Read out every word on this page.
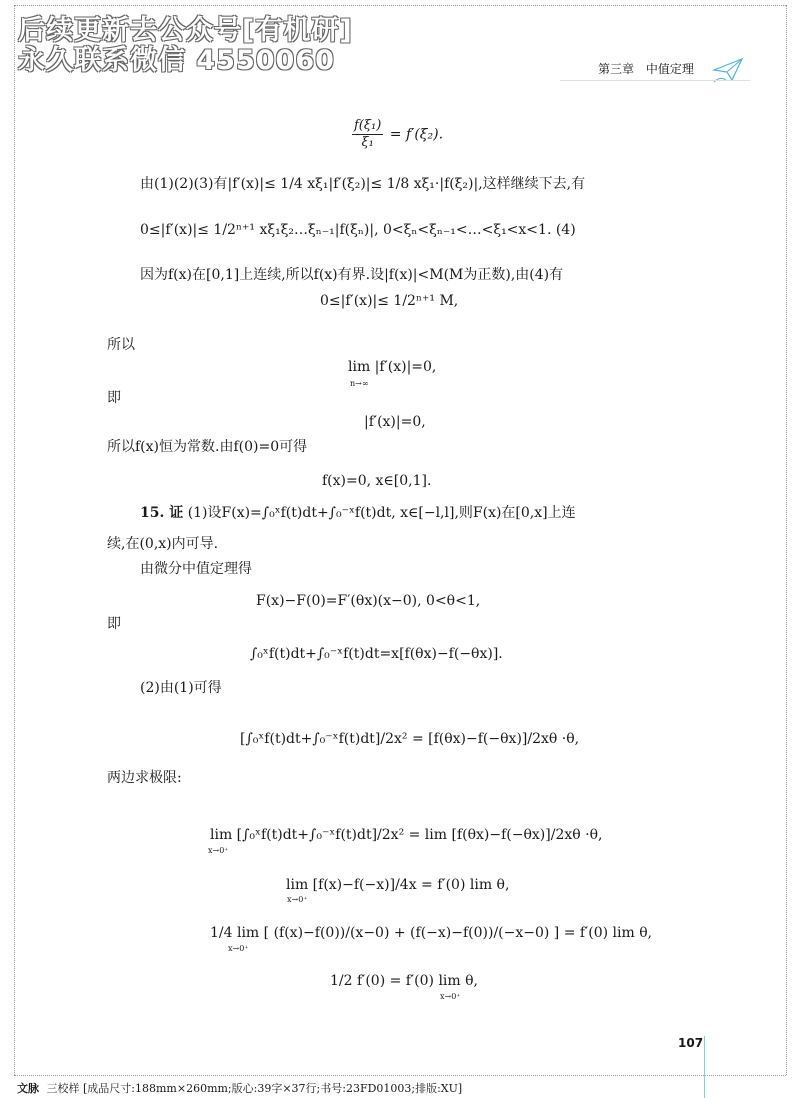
后续更新去公众号[有机研]
永久联系微信 4550060	第三章 中值定理
$\frac{\text{f(ξ₁)}}{\text{ξ₁}} = f'(\xi_2)$.
由(1)(2)(3)有|f′(x)|≤ 1/4 xξ₁|f′(ξ₂)|≤ 1/8 xξ₁·|f(ξ₂)|,这样继续下去,有
0≤|f′(x)|≤ 1/2ⁿ⁺¹ xξ₁ξ₂…ξₙ₋₁|f(ξₙ)|, 0<ξₙ<ξₙ₋₁<…<ξ₁<x<1. (4)
因为f(x)在[0,1]上连续,所以f(x)有界.设|f(x)|<M(M为正数),由(4)有
0≤|f′(x)|≤ 1/2ⁿ⁺¹ M,
所以
lim |f′(x)|=0,
n→∞
即
|f′(x)|=0,
所以f(x)恒为常数.由f(0)=0可得
f(x)=0, x∈[0,1].
15. 证 (1)设F(x)=∫₀ˣf(t)dt+∫₀⁻ˣf(t)dt, x∈[−l,l],则F(x)在[0,x]上连
续,在(0,x)内可导.
由微分中值定理得
F(x)−F(0)=F′(θx)(x−0), 0<θ<1,
即
∫₀ˣf(t)dt+∫₀⁻ˣf(t)dt=x[f(θx)−f(−θx)].
(2)由(1)可得
[∫₀ˣf(t)dt+∫₀⁻ˣf(t)dt]/2x² = [f(θx)−f(−θx)]/2xθ ·θ,
两边求极限:
lim [∫₀ˣf(t)dt+∫₀⁻ˣf(t)dt]/2x² = lim [f(θx)−f(−θx)]/2xθ ·θ,
x→0⁺
lim [f(x)−f(−x)]/4x = f′(0) lim θ,
x→0⁺
1/4 lim [ (f(x)−f(0))/(x−0) + (f(−x)−f(0))/(−x−0) ] = f′(0) lim θ,
x→0⁺
1/2 f′(0) = f′(0) lim θ,
x→0⁺
107
文脉 三校样 [成品尺寸:188mm×260mm;版心:39字×37行;书号:23FD01003;排版:XU]
